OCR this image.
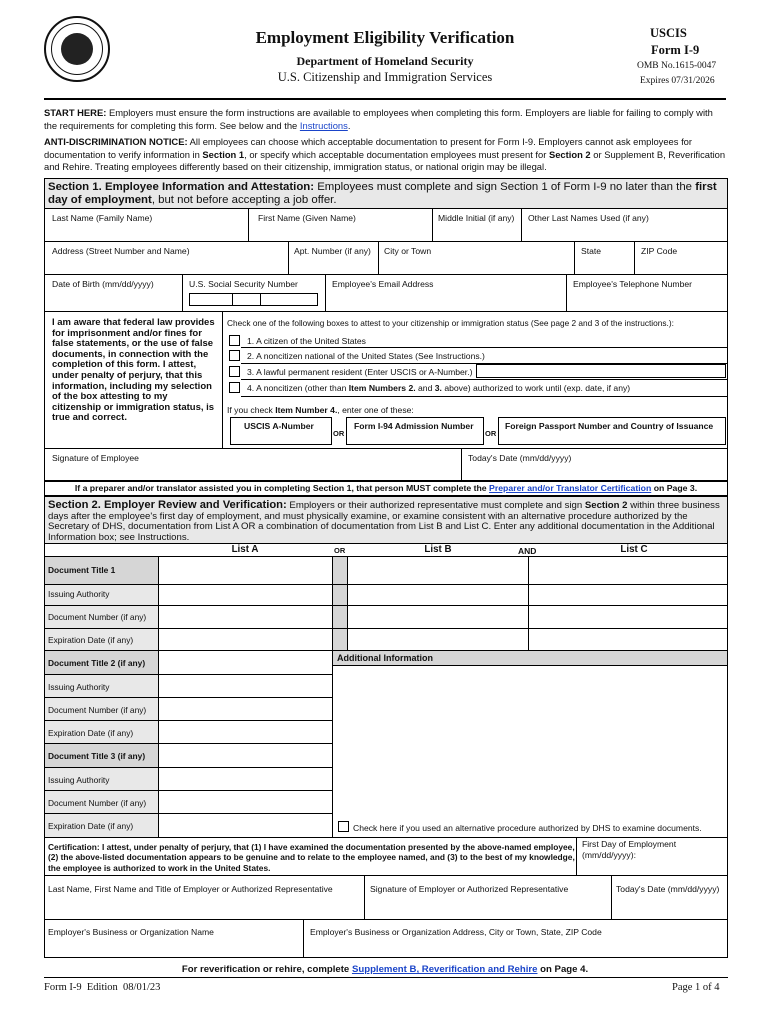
Employment Eligibility Verification
Department of Homeland Security
U.S. Citizenship and Immigration Services
USCIS
Form I-9
OMB No.1615-0047
Expires 07/31/2026

START HERE: Employers must ensure the form instructions are available to employees when completing this form. Employers are liable for failing to comply with the requirements for completing this form. See below and the Instructions.

ANTI-DISCRIMINATION NOTICE: All employees can choose which acceptable documentation to present for Form I-9. Employers cannot ask employees for documentation to verify information in Section 1, or specify which acceptable documentation employees must present for Section 2 or Supplement B, Reverification and Rehire. Treating employees differently based on their citizenship, immigration status, or national origin may be illegal.

Section 1. Employee Information and Attestation: Employees must complete and sign Section 1 of Form I-9 no later than the first day of employment, but not before accepting a job offer.

Last Name (Family Name)	First Name (Given Name)	Middle Initial (if any) Other Last Names Used (if any)
Address (Street Number and Name)	Apt. Number (if any) City or Town	State	ZIP Code
Date of Birth (mm/dd/yyyy)	U.S. Social Security Number	Employee's Email Address	Employee's Telephone Number

I am aware that federal law provides for imprisonment and/or fines for false statements, or the use of false documents, in connection with the completion of this form. I attest, under penalty of perjury, that this information, including my selection of the box attesting to my citizenship or immigration status, is true and correct.

Check one of the following boxes to attest to your citizenship or immigration status (See page 2 and 3 of the instructions.):
1. A citizen of the United States
2. A noncitizen national of the United States (See Instructions.)
3. A lawful permanent resident (Enter USCIS or A-Number.)
4. A noncitizen (other than Item Numbers 2. and 3. above) authorized to work until (exp. date, if any)
If you check Item Number 4., enter one of these:
USCIS A-Number
OR
Form I-94 Admission Number
OR
Foreign Passport Number and Country of Issuance
Signature of Employee	Today's Date (mm/dd/yyyy)
If a preparer and/or translator assisted you in completing Section 1, that person MUST complete the Preparer and/or Translator Certification on Page 3.

Section 2. Employer Review and Verification: Employers or their authorized representative must complete and sign Section 2 within three business days after the employee's first day of employment, and must physically examine, or examine consistent with an alternative procedure authorized by the Secretary of DHS, documentation from List A OR a combination of documentation from List B and List C. Enter any additional documentation in the Additional Information box; see Instructions.

List A	OR	List B	AND	List C
Document Title 1
Issuing Authority
Document Number (if any)
Expiration Date (if any)
Document Title 2 (if any)
Issuing Authority
Document Number (if any)
Expiration Date (if any)
Document Title 3 (if any)
Issuing Authority
Document Number (if any)
Expiration Date (if any)
Additional Information
Check here if you used an alternative procedure authorized by DHS to examine documents.

Certification: I attest, under penalty of perjury, that (1) I have examined the documentation presented by the above-named employee, (2) the above-listed documentation appears to be genuine and to relate to the employee named, and (3) to the best of my knowledge, the employee is authorized to work in the United States.

First Day of Employment (mm/dd/yyyy):

Last Name, First Name and Title of Employer or Authorized Representative	Signature of Employer or Authorized Representative	Today's Date (mm/dd/yyyy)
Employer's Business or Organization Name	Employer's Business or Organization Address, City or Town, State, ZIP Code
For reverification or rehire, complete Supplement B, Reverification and Rehire on Page 4.
Form I-9  Edition  08/01/23	Page 1 of 4
